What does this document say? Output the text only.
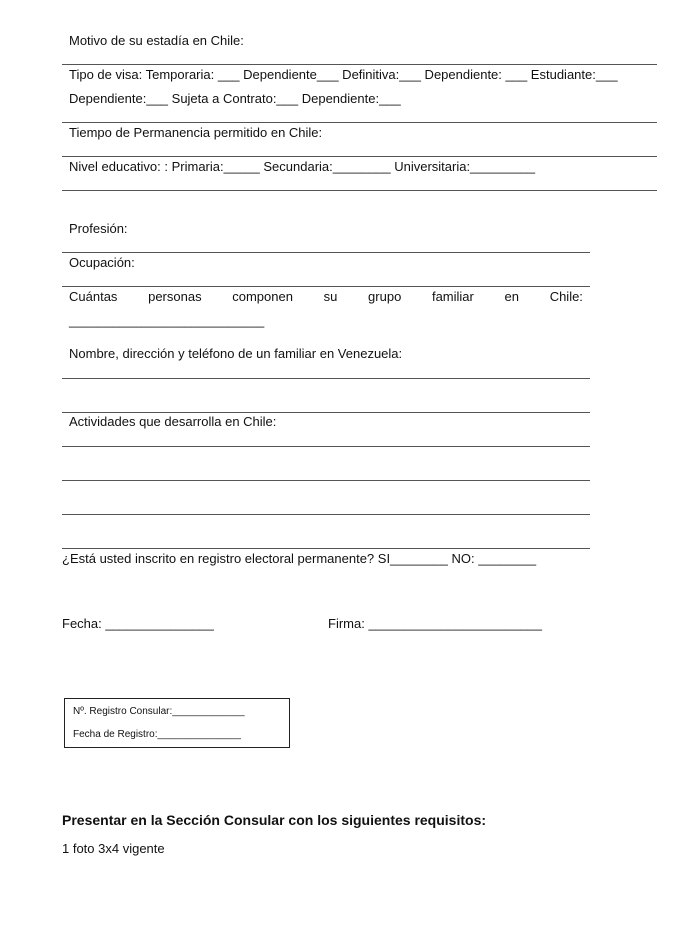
Motivo de su estadía en Chile:
Tipo de visa: Temporaria: ___ Dependiente___ Definitiva:___ Dependiente: ___ Estudiante:___
Dependiente:___ Sujeta a Contrato:___ Dependiente:___
Tiempo de Permanencia permitido en Chile:
Nivel educativo: : Primaria:_____ Secundaria:________ Universitaria:_________
Profesión:
Ocupación:
Cuántas personas componen su grupo familiar en Chile:
___________________________
Nombre, dirección y teléfono de un familiar en Venezuela:
Actividades que desarrolla en Chile:
¿Está usted inscrito en registro electoral permanente? SI________ NO: ________
Fecha: _______________	Firma: ________________________
Nº. Registro Consular:_____________
Fecha de Registro:_______________
Presentar en la Sección Consular con los siguientes requisitos:
1 foto 3x4 vigente
